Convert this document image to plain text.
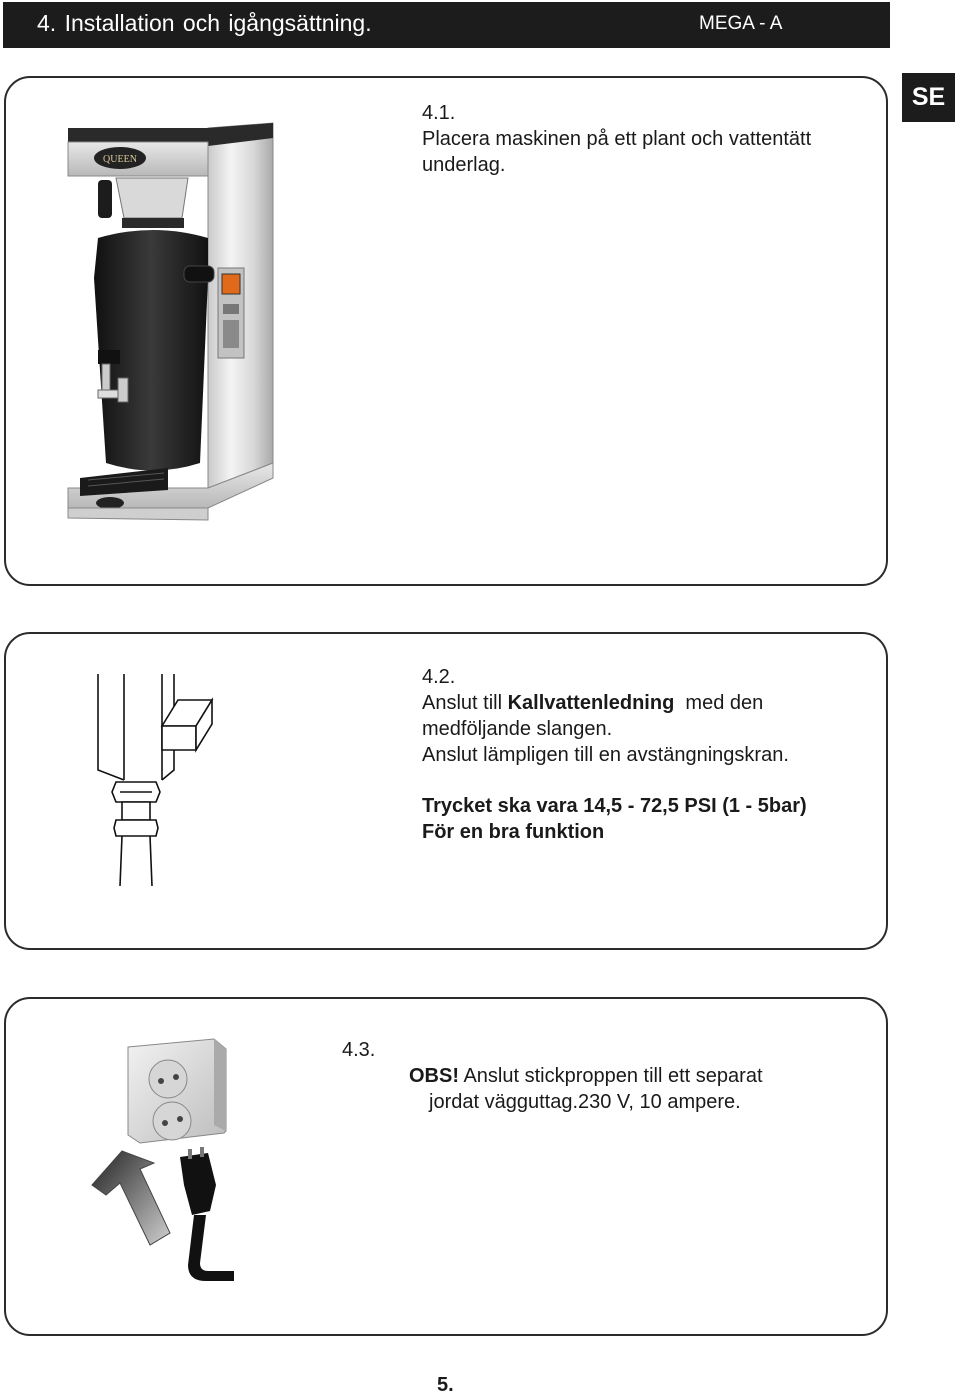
4. Installation och igångsättning.	MEGA - A
SE
QUEEN
4.1.
Placera maskinen på ett plant och vattentätt
underlag.
4.2.
Anslut till Kallvattenledning  med den
medföljande slangen.
Anslut lämpligen till en avstängningskran.
Trycket ska vara 14,5 - 72,5 PSI (1 - 5bar)
För en bra funktion
4.3.
OBS! Anslut stickproppen till ett separat
jordat vägguttag.230 V, 10 ampere.
5.
